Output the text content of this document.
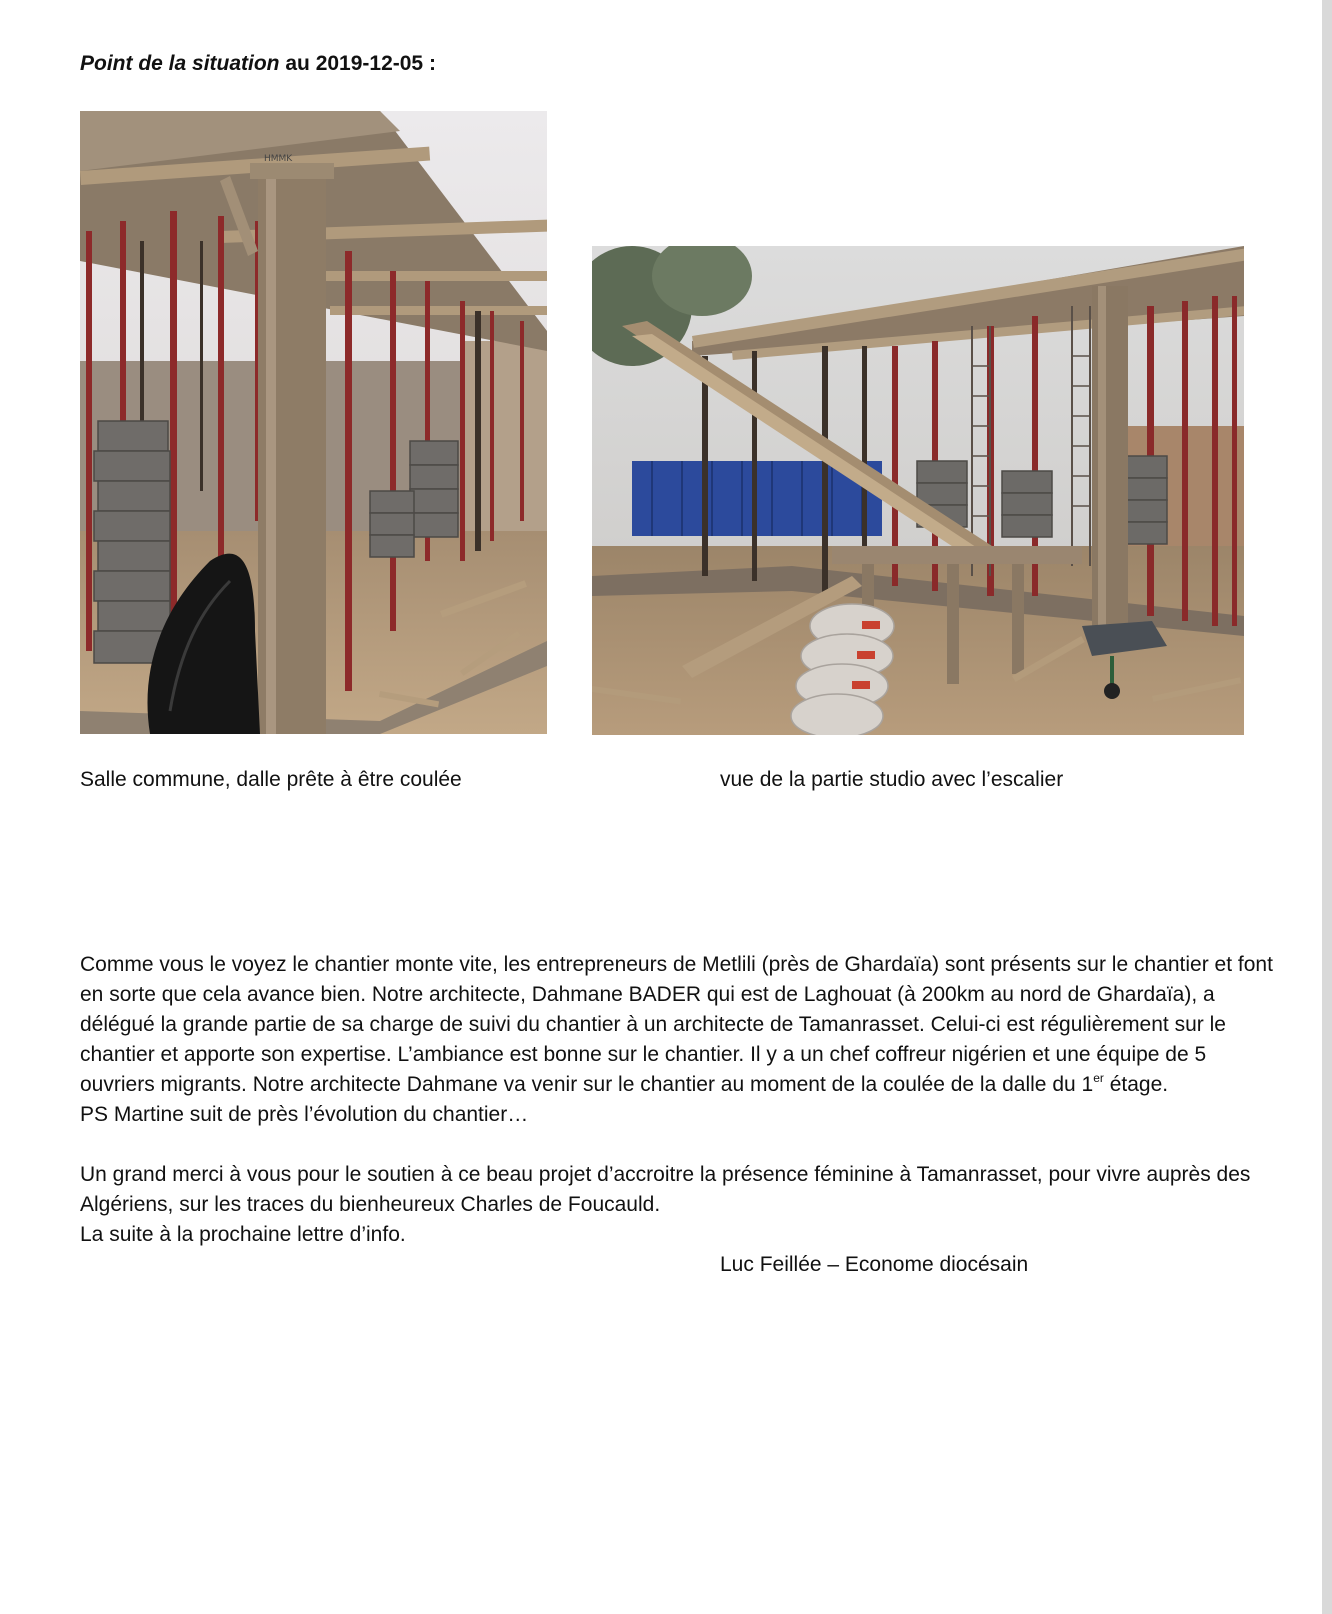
Point de la situation au 2019-12-05 :
HMMK
Salle commune, dalle prête à être coulée	vue de la partie studio avec l’escalier

Comme vous le voyez le chantier monte vite, les entrepreneurs de Metlili (près de Ghardaïa) sont présents sur le chantier et font en sorte que cela avance bien. Notre architecte, Dahmane BADER qui est de Laghouat (à 200km au nord de Ghardaïa), a délégué la grande partie de sa charge de suivi du chantier à un architecte de Tamanrasset. Celui-ci est régulièrement sur le chantier et apporte son expertise. L’ambiance est bonne sur le chantier. Il y a un chef coffreur nigérien et une équipe de 5 ouvriers migrants. Notre architecte Dahmane va venir sur le chantier au moment de la coulée de la dalle du 1er étage.

PS Martine suit de près l’évolution du chantier…

Un grand merci à vous pour le soutien à ce beau projet d’accroitre la présence féminine à Tamanrasset, pour vivre auprès des Algériens, sur les traces du bienheureux Charles de Foucauld.

La suite à la prochaine lettre d’info.

Luc Feillée – Econome diocésain
